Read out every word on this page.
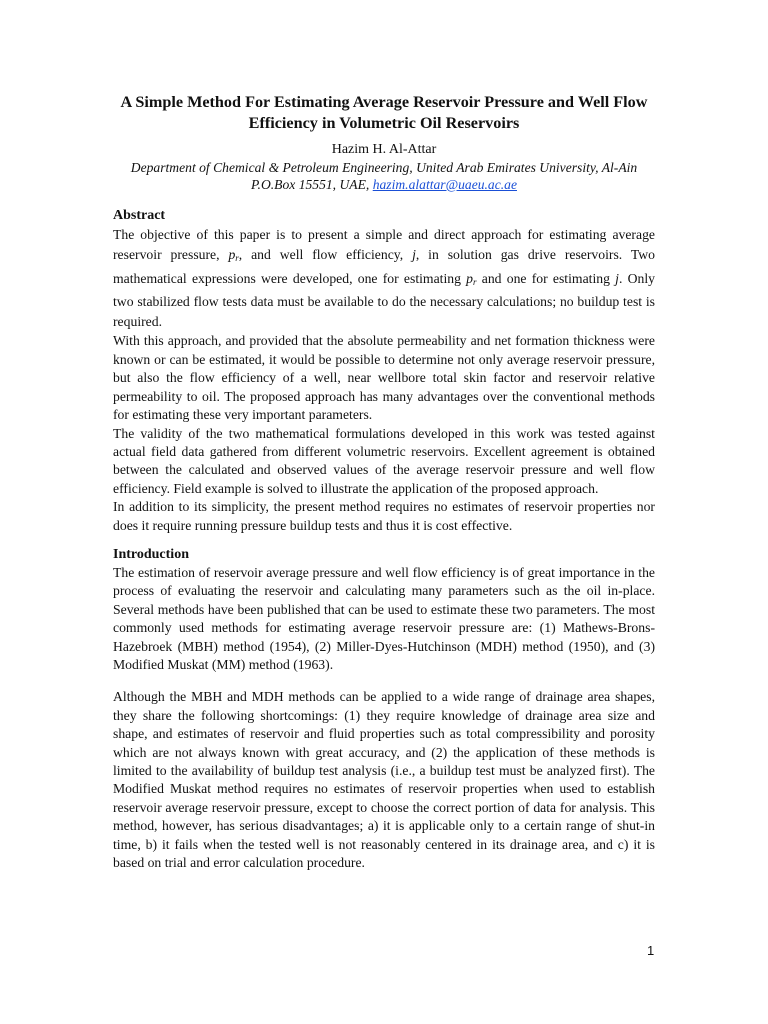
A Simple Method For Estimating Average Reservoir Pressure and Well Flow Efficiency in Volumetric Oil Reservoirs
Hazim H. Al-Attar
Department of Chemical & Petroleum Engineering, United Arab Emirates University, Al-Ain
P.O.Box 15551, UAE, hazim.alattar@uaeu.ac.ae
Abstract

The objective of this paper is to present a simple and direct approach for estimating average reservoir pressure, $p_r$, and well flow efficiency, j, in solution gas drive reservoirs. Two mathematical expressions were developed, one for estimating $p_r$ and one for estimating j. Only two stabilized flow tests data must be available to do the necessary calculations; no buildup test is required.

With this approach, and provided that the absolute permeability and net formation thickness were known or can be estimated, it would be possible to determine not only average reservoir pressure, but also the flow efficiency of a well, near wellbore total skin factor and reservoir relative permeability to oil. The proposed approach has many advantages over the conventional methods for estimating these very important parameters.

The validity of the two mathematical formulations developed in this work was tested against actual field data gathered from different volumetric reservoirs. Excellent agreement is obtained between the calculated and observed values of the average reservoir pressure and well flow efficiency. Field example is solved to illustrate the application of the proposed approach.

In addition to its simplicity, the present method requires no estimates of reservoir properties nor does it require running pressure buildup tests and thus it is cost effective.

Introduction

The estimation of reservoir average pressure and well flow efficiency is of great importance in the process of evaluating the reservoir and calculating many parameters such as the oil in-place. Several methods have been published that can be used to estimate these two parameters. The most commonly used methods for estimating average reservoir pressure are: (1) Mathews-Brons-Hazebroek (MBH) method (1954), (2) Miller-Dyes-Hutchinson (MDH) method (1950), and (3) Modified Muskat (MM) method (1963).

Although the MBH and MDH methods can be applied to a wide range of drainage area shapes, they share the following shortcomings: (1) they require knowledge of drainage area size and shape, and estimates of reservoir and fluid properties such as total compressibility and porosity which are not always known with great accuracy, and (2) the application of these methods is limited to the availability of buildup test analysis (i.e., a buildup test must be analyzed first). The Modified Muskat method requires no estimates of reservoir properties when used to establish reservoir average reservoir pressure, except to choose the correct portion of data for analysis. This method, however, has serious disadvantages; a) it is applicable only to a certain range of shut-in time, b) it fails when the tested well is not reasonably centered in its drainage area, and c) it is based on trial and error calculation procedure.

1
